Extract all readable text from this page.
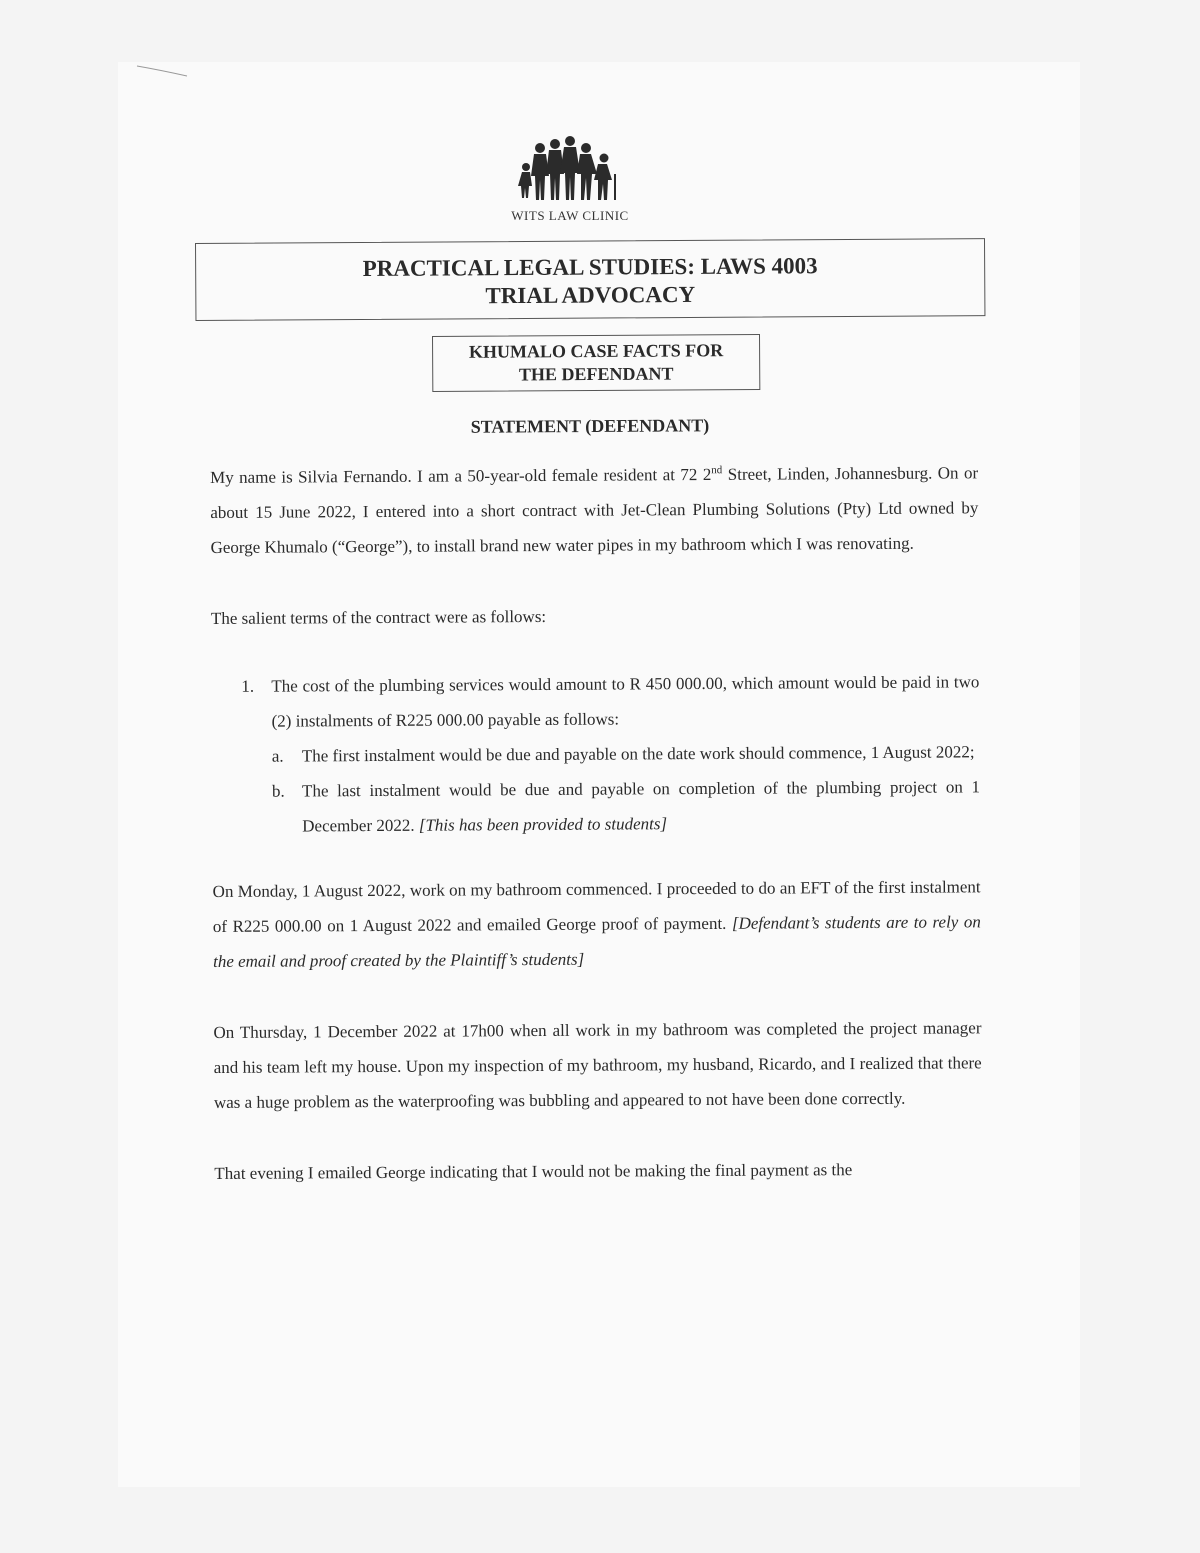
WITS LAW CLINIC
PRACTICAL LEGAL STUDIES: LAWS 4003
TRIAL ADVOCACY
KHUMALO CASE FACTS FOR
THE DEFENDANT
STATEMENT (DEFENDANT)

My name is Silvia Fernando. I am a 50-year-old female resident at 72 2nd Street, Linden, Johannesburg. On or about 15 June 2022, I entered into a short contract with Jet-Clean Plumbing Solutions (Pty) Ltd owned by George Khumalo (“George”), to install brand new water pipes in my bathroom which I was renovating.

The salient terms of the contract were as follows:

1.	The cost of the plumbing services would amount to R 450 000.00, which amount would be paid in two (2) instalments of R225 000.00 payable as follows:
a.	The first instalment would be due and payable on the date work should commence, 1 August 2022;
b.	The last instalment would be due and payable on completion of the plumbing project on 1 December 2022. [This has been provided to students]

On Monday, 1 August 2022, work on my bathroom commenced. I proceeded to do an EFT of the first instalment of R225 000.00 on 1 August 2022 and emailed George proof of payment. [Defendant’s students are to rely on the email and proof created by the Plaintiff’s students]

On Thursday, 1 December 2022 at 17h00 when all work in my bathroom was completed the project manager and his team left my house. Upon my inspection of my bathroom, my husband, Ricardo, and I realized that there was a huge problem as the waterproofing was bubbling and appeared to not have been done correctly.

That evening I emailed George indicating that I would not be making the final payment as the
